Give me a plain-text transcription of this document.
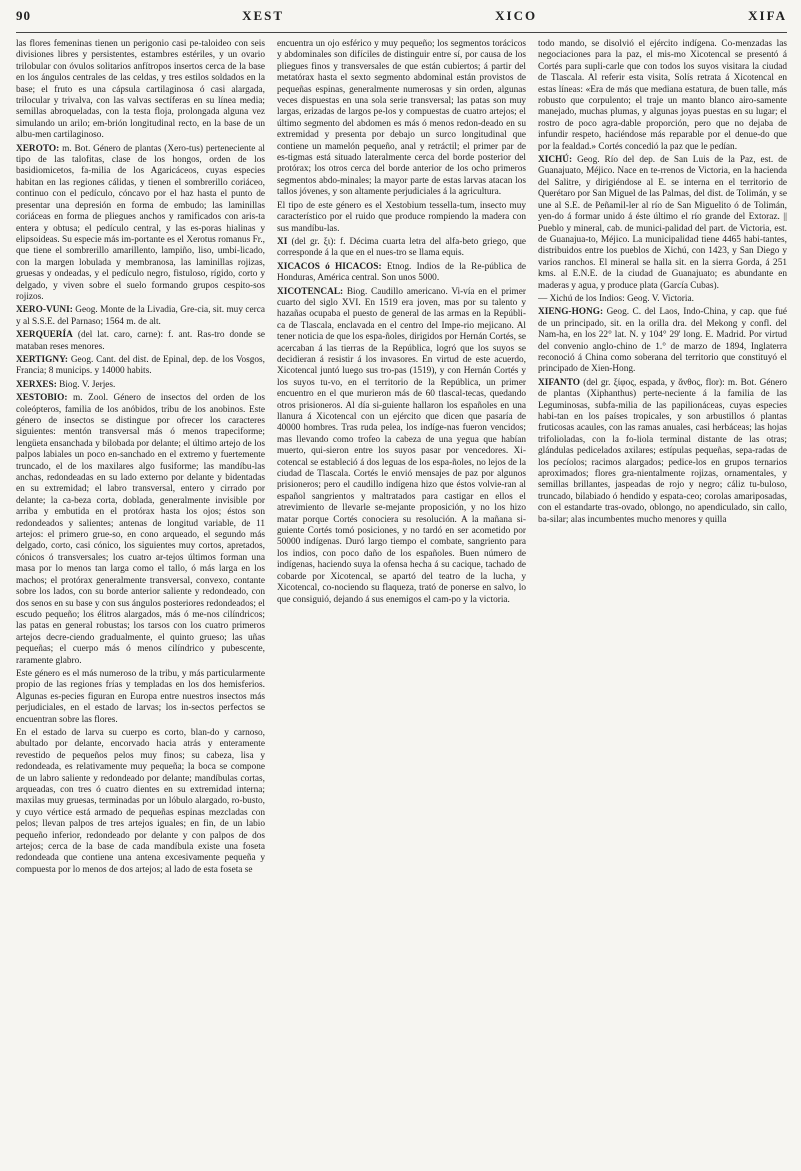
90	XEST	XICO	XIFA

las flores femeninas tienen un perigonio casi pe-taloideo con seis divisiones libres y persistentes, estambres estériles, y un ovario trilobular con óvulos solitarios anfítropos insertos cerca de la base en los ángulos centrales de las celdas, y tres estilos soldados en la base; el fruto es una cápsula cartilaginosa ó casi alargada, trilocular y trivalva, con las valvas sectíferas en su línea media; semillas abroqueladas, con la testa floja, prolongada alguna vez simulando un arilo; em-brión longitudinal recto, en la base de un albu-men cartilaginoso.

XEROTO: m. Bot. Género de plantas (Xero-tus) perteneciente al tipo de las talofitas, clase de los hongos, orden de los basidiomicetos, fa-milia de los Agaricáceos, cuyas especies habitan en las regiones cálidas, y tienen el sombrerillo coriáceo, continuo con el pedículo, cóncavo por el haz hasta el punto de presentar una depresión en forma de embudo; las laminillas coriáceas en forma de pliegues anchos y ramificados con aris-ta entera y obtusa; el pedículo central, y las es-poras hialinas y elipsoideas. Su especie más im-portante es el Xerotus romanus Fr., que tiene el sombrerillo amarillento, lampiño, liso, umbi-licado, con la margen lobulada y membranosa, las laminillas rojizas, gruesas y ondeadas, y el pedículo negro, fistuloso, rígido, corto y delgado, y viven sobre el suelo formando grupos cespito-sos rojizos.

XERO-VUNI: Geog. Monte de la Livadia, Gre-cia, sit. muy cerca y al S.S.E. del Parnaso; 1564 m. de alt.

XERQUERÍA (del lat. caro, carne): f. ant. Ras-tro donde se mataban reses menores.

XERTIGNY: Geog. Cant. del dist. de Epinal, dep. de los Vosgos, Francia; 8 municips. y 14000 habits.

XERXES: Biog. V. Jerjes.

XESTOBIO: m. Zool. Género de insectos del orden de los coleópteros, familia de los anóbidos, tribu de los anobinos. Este género de insectos se distingue por ofrecer los caracteres siguientes: mentón transversal más ó menos trapeciforme; lengüeta ensanchada y bilobada por delante; el último artejo de los palpos labiales un poco en-sanchado en el extremo y fuertemente truncado, el de los maxilares algo fusiforme; las mandíbu-las anchas, redondeadas en su lado externo por delante y bidentadas en su extremidad; el labro transversal, entero y cirrado por delante; la ca-beza corta, doblada, generalmente invisible por arriba y embutida en el protórax hasta los ojos; éstos son redondeados y salientes; antenas de longitud variable, de 11 artejos: el primero grue-so, en cono arqueado, el segundo más delgado, corto, casi cónico, los siguientes muy cortos, apretados, cónicos ó transversales; los cuatro ar-tejos últimos forman una masa por lo menos tan larga como el tallo, ó más larga en los machos; el protórax generalmente transversal, convexo, contante sobre los lados, con su borde anterior saliente y redondeado, con dos senos en su base y con sus ángulos posteriores redondeados; el escudo pequeño; los élitros alargados, más ó me-nos cilíndricos; las patas en general robustas; los tarsos con los cuatro primeros artejos decre-ciendo gradualmente, el quinto grueso; las uñas pequeñas; el cuerpo más ó menos cilíndrico y pubescente, raramente glabro.

Este género es el más numeroso de la tribu, y más particularmente propio de las regiones frías y templadas en los dos hemisferios. Algunas es-pecies figuran en Europa entre nuestros insectos más perjudiciales, en el estado de larvas; los in-sectos perfectos se encuentran sobre las flores.

En el estado de larva su cuerpo es corto, blan-do y carnoso, abultado por delante, encorvado hacia atrás y enteramente revestido de pequeños pelos muy finos; su cabeza, lisa y redondeada, es relativamente muy pequeña; la boca se compone de un labro saliente y redondeado por delante; mandíbulas cortas, arqueadas, con tres ó cuatro dientes en su extremidad interna; maxilas muy gruesas, terminadas por un lóbulo alargado, ro-busto, y cuyo vértice está armado de pequeñas espinas mezcladas con pelos; llevan palpos de tres artejos iguales; en fin, de un labio pequeño inferior, redondeado por delante y con palpos de dos artejos; cerca de la base de cada mandíbula existe una foseta redondeada que contiene una antena excesivamente pequeña y compuesta por lo menos de dos artejos; al lado de esta foseta se

encuentra un ojo esférico y muy pequeño; los segmentos torácicos y abdominales son difíciles de distinguir entre sí, por causa de los pliegues finos y transversales de que están cubiertos; á partir del metatórax hasta el sexto segmento abdominal están provistos de pequeñas espinas, generalmente numerosas y sin orden, algunas veces dispuestas en una sola serie transversal; las patas son muy largas, erizadas de largos pe-los y compuestas de cuatro artejos; el último segmento del abdomen es más ó menos redon-deado en su extremidad y presenta por debajo un surco longitudinal que contiene un mamelón pequeño, anal y retráctil; el primer par de es-tigmas está situado lateralmente cerca del borde posterior del protórax; los otros cerca del borde anterior de los ocho primeros segmentos abdo-minales; la mayor parte de estas larvas atacan los tallos jóvenes, y son altamente perjudiciales á la agricultura.

El tipo de este género es el Xestobium tessella-tum, insecto muy característico por el ruido que produce rompiendo la madera con sus mandíbu-las.

XI (del gr. ξι): f. Décima cuarta letra del alfa-beto griego, que corresponde á la que en el nues-tro se llama equis.

XICACOS ó HICACOS: Etnog. Indios de la Re-pública de Honduras, América central. Son unos 5000.

XICOTENCAL: Biog. Caudillo americano. Vi-vía en el primer cuarto del siglo XVI. En 1519 era joven, mas por su talento y hazañas ocupaba el puesto de general de las armas en la Repúbli-ca de Tlascala, enclavada en el centro del Impe-rio mejicano. Al tener noticia de que los espa-ñoles, dirigidos por Hernán Cortés, se acercaban á las tierras de la República, logró que los suyos se decidieran á resistir á los invasores. En virtud de este acuerdo, Xicotencal juntó luego sus tro-pas (1519), y con Hernán Cortés y los suyos tu-vo, en el territorio de la República, un primer encuentro en el que murieron más de 60 tlascal-tecas, quedando otros prisioneros. Al día si-guiente hallaron los españoles en una llanura á Xicotencal con un ejército que dicen que pasaría de 40000 hombres. Tras ruda pelea, los indíge-nas fueron vencidos; mas llevando como trofeo la cabeza de una yegua que habían muerto, qui-sieron entre los suyos pasar por vencedores. Xi-cotencal se estableció á dos leguas de los espa-ñoles, no lejos de la ciudad de Tlascala. Cortés le envió mensajes de paz por algunos prisioneros; pero el caudillo indígena hizo que éstos volvie-ran al español sangrientos y maltratados para castigar en ellos el atrevimiento de llevarle se-mejante proposición, y no los hizo matar porque Cortés conociera su resolución. A la mañana si-guiente Cortés tomó posiciones, y no tardó en ser acometido por 50000 indígenas. Duró largo tiempo el combate, sangriento para los indios, con poco daño de los españoles. Buen número de indígenas, haciendo suya la ofensa hecha á su cacique, tachado de cobarde por Xicotencal, se apartó del teatro de la lucha, y Xicotencal, co-nociendo su flaqueza, trató de ponerse en salvo, lo que consiguió, dejando á sus enemigos el cam-po y la victoria.

todo mando, se disolvió el ejército indígena. Co-menzadas las negociaciones para la paz, el mis-mo Xicotencal se presentó á Cortés para supli-carle que con todos los suyos visitara la ciudad de Tlascala. Al referir esta visita, Solís retrata á Xicotencal en estas líneas: «Era de más que mediana estatura, de buen talle, más robusto que corpulento; el traje un manto blanco airo-samente manejado, muchas plumas, y algunas joyas puestas en su lugar; el rostro de poco agra-dable proporción, pero que no dejaba de infundir respeto, haciéndose más reparable por el denue-do que por la fealdad.» Cortés concedió la paz que le pedían.

XICHÚ: Geog. Río del dep. de San Luis de la Paz, est. de Guanajuato, Méjico. Nace en te-rrenos de Victoria, en la hacienda del Salitre, y dirigiéndose al E. se interna en el territorio de Querétaro por San Miguel de las Palmas, del dist. de Tolimán, y se une al S.E. de Peñamil-ler al río de San Miguelito ó de Tolimán, yen-do á formar unido á éste último el río grande del Extoraz. || Pueblo y mineral, cab. de munici-palidad del part. de Victoria, est. de Guanajua-to, Méjico. La municipalidad tiene 4465 habi-tantes, distribuidos entre los pueblos de Xichú, con 1423, y San Diego y varios ranchos. El mineral se halla sit. en la sierra Gorda, á 251 kms. al E.N.E. de la ciudad de Guanajuato; es abundante en maderas y agua, y produce plata (García Cubas).

— Xichú de los Indios: Geog. V. Victoria.

XIENG-HONG: Geog. C. del Laos, Indo-China, y cap. que fué de un principado, sit. en la orilla dra. del Mekong y confl. del Nam-ha, en los 22° lat. N. y 104° 29' long. E. Madrid. Por virtud del convenio anglo-chino de 1.° de marzo de 1894, Inglaterra reconoció á China como soberana del territorio que constituyó el principado de Xien-Hong.

XIFANTO (del gr. ξίφος, espada, y ἄνθος, flor): m. Bot. Género de plantas (Xiphanthus) perte-neciente á la familia de las Leguminosas, subfa-milia de las papilionáceas, cuyas especies habi-tan en los países tropicales, y son arbustillos ó plantas fruticosas acaules, con las ramas anuales, casi herbáceas; las hojas trifolioladas, con la fo-liola terminal distante de las otras; glándulas pedicelados axilares; estípulas pequeñas, sepa-radas de los pecíolos; racimos alargados; pedice-los en grupos ternarios aproximados; flores gra-nientalmente rojizas, ornamentales, y semillas brillantes, jaspeadas de rojo y negro; cáliz tu-buloso, truncado, bilabiado ó hendido y espata-ceo; corolas amariposadas, con el estandarte tras-ovado, oblongo, no apendiculado, sin callo, ba-silar; alas incumbentes mucho menores y quilla
